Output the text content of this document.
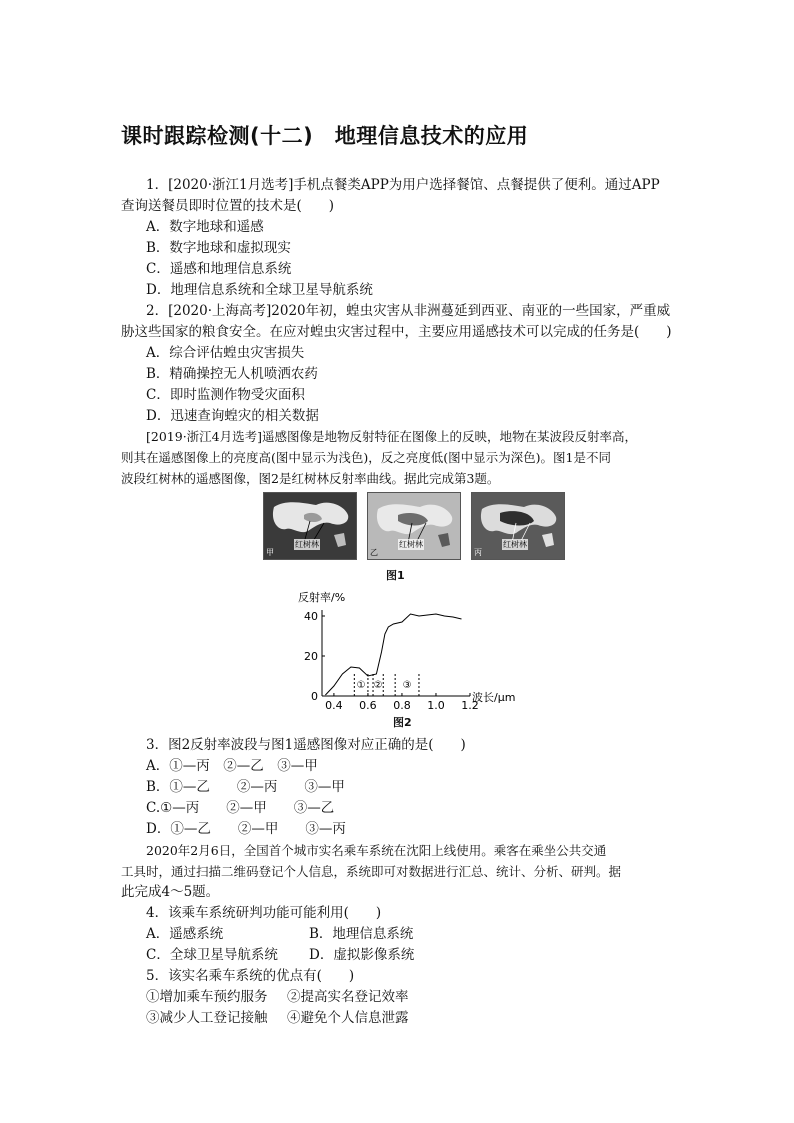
课时跟踪检测(十二)　地理信息技术的应用
1．[2020·浙江1月选考]手机点餐类APP为用户选择餐馆、点餐提供了便利。通过APP
查询送餐员即时位置的技术是(　　)
A．数字地球和遥感
B．数字地球和虚拟现实
C．遥感和地理信息系统
D．地理信息系统和全球卫星导航系统
2．[2020·上海高考]2020年初，蝗虫灾害从非洲蔓延到西亚、南亚的一些国家，严重威
胁这些国家的粮食安全。在应对蝗虫灾害过程中，主要应用遥感技术可以完成的任务是(　　)
A．综合评估蝗虫灾害损失
B．精确操控无人机喷洒农药
C．即时监测作物受灾面积
D．迅速查询蝗灾的相关数据
[2019·浙江4月选考]遥感图像是地物反射特征在图像上的反映，地物在某波段反射率高，
则其在遥感图像上的亮度高(图中显示为浅色)，反之亮度低(图中显示为深色)。图1是不同
波段红树林的遥感图像，图2是红树林反射率曲线。据此完成第3题。
甲
红树林
乙
红树林
丙
红树林
图1
反射率/%
波长/μm
0
20
40
0.4 0.6 0.8 1.0 1.2
① ② ③
图2
3．图2反射率波段与图1遥感图像对应正确的是(　　)
A．①—丙　②—乙　③—甲
B．①—乙　　②—丙　　③—甲
C.①—丙　　②—甲　　③—乙
D．①—乙　　②—甲　　③—丙
2020年2月6日，全国首个城市实名乘车系统在沈阳上线使用。乘客在乘坐公共交通
工具时，通过扫描二维码登记个人信息，系统即可对数据进行汇总、统计、分析、研判。据
此完成4～5题。
4．该乘车系统研判功能可能利用(　　)
A．遥感系统	B．地理信息系统
C．全球卫星导航系统 D．虚拟影像系统
5．该实名乘车系统的优点有(　　)
①增加乘车预约服务 ②提高实名登记效率
③减少人工登记接触 ④避免个人信息泄露
